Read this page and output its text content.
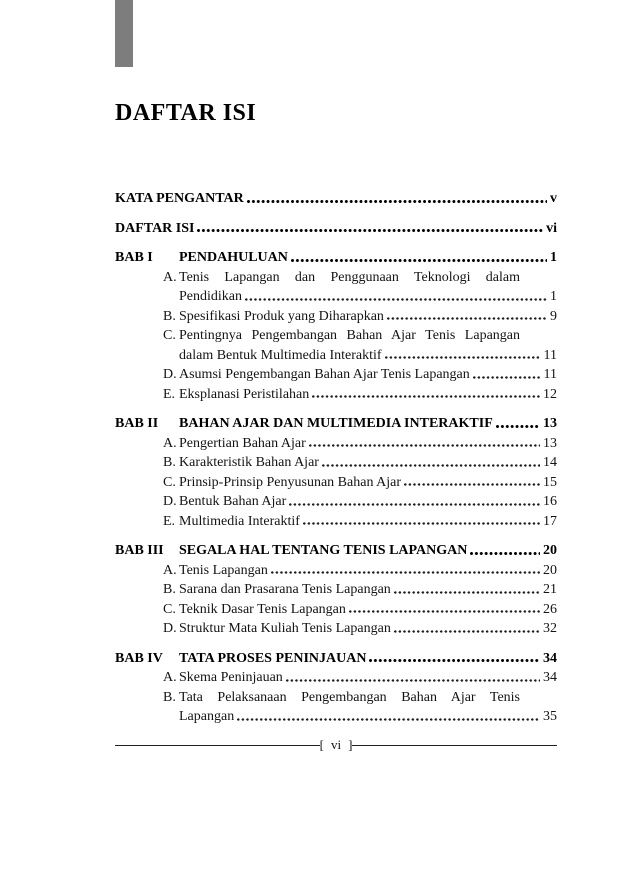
DAFTAR ISI
KATA PENGANTAR	v
DAFTAR ISI	vi
BAB I	PENDAHULUAN	1
A. Tenis Lapangan dan Penggunaan Teknologi dalam
Pendidikan	1
B. Spesifikasi Produk yang Diharapkan	9
C. Pentingnya Pengembangan Bahan Ajar Tenis Lapangan
dalam Bentuk Multimedia Interaktif	11
D. Asumsi Pengembangan Bahan Ajar Tenis Lapangan	11
E. Eksplanasi Peristilahan	12
BAB II	BAHAN AJAR DAN MULTIMEDIA INTERAKTIF	13
A. Pengertian Bahan Ajar	13
B. Karakteristik Bahan Ajar	14
C. Prinsip-Prinsip Penyusunan Bahan Ajar	15
D. Bentuk Bahan Ajar	16
E. Multimedia Interaktif	17
BAB III	SEGALA HAL TENTANG TENIS LAPANGAN	20
A. Tenis Lapangan	20
B. Sarana dan Prasarana Tenis Lapangan	21
C. Teknik Dasar Tenis Lapangan	26
D. Struktur Mata Kuliah Tenis Lapangan	32
BAB IV	TATA PROSES PENINJAUAN	34
A. Skema Peninjauan	34
B. Tata Pelaksanaan Pengembangan Bahan Ajar Tenis
Lapangan	35
[ vi ]
